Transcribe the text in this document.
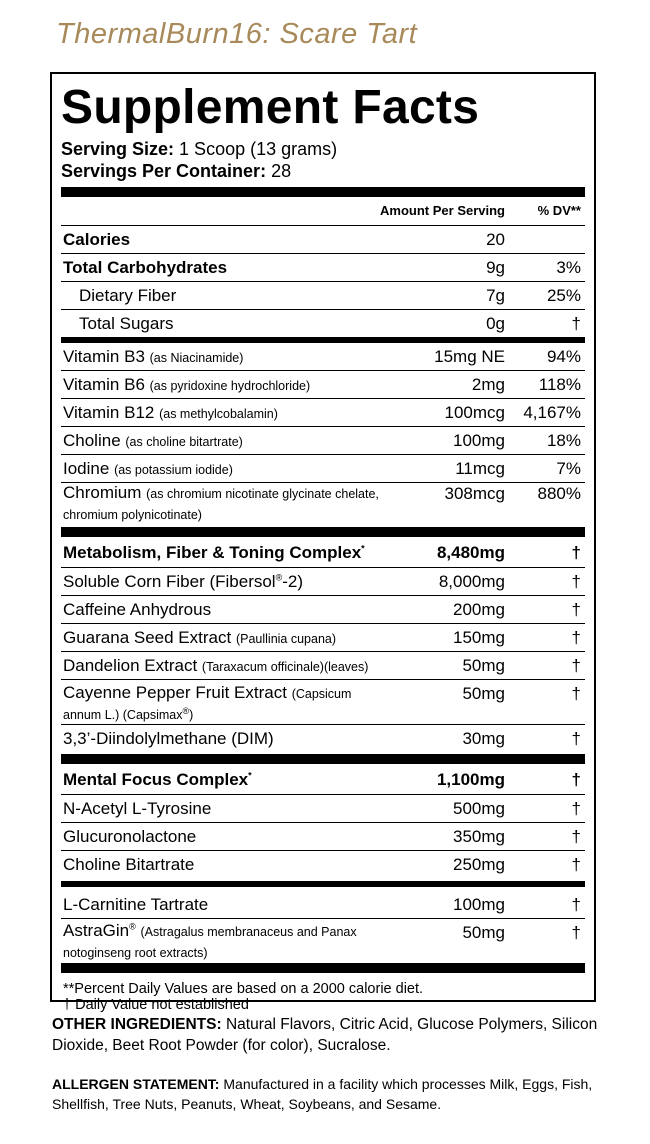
ThermalBurn16: Scare Tart
Supplement Facts
Serving Size: 1 Scoop (13 grams)
Servings Per Container: 28
Amount Per Serving	% DV**
Calories	20
Total Carbohydrates	9g	3%
Dietary Fiber	7g 25%
Total Sugars	0g	†
Vitamin B3 (as Niacinamide)	15mg NE 94%
Vitamin B6 (as pyridoxine hydrochloride)	2mg 118%
Vitamin B12 (as methylcobalamin)	100mcg 4,167%
Choline (as choline bitartrate)	100mg 18%
Iodine (as potassium iodide)	11mcg	7%
Chromium (as chromium nicotinate glycinate chelate,
chromium polynicotinate)
308mcg 880%
Metabolism, Fiber & Toning Complex*	8,480mg	†
Soluble Corn Fiber (Fibersol®-2)	8,000mg	†
Caffeine Anhydrous	200mg	†
Guarana Seed Extract (Paullinia cupana)	150mg	†
Dandelion Extract (Taraxacum officinale)(leaves)	50mg	†
Cayenne Pepper Fruit Extract (Capsicum
annum L.) (Capsimax®)
50mg	†
3,3’-Diindolylmethane (DIM)	30mg	†
Mental Focus Complex*	1,100mg	†
N-Acetyl L-Tyrosine	500mg	†
Glucuronolactone	350mg	†
Choline Bitartrate	250mg	†
L-Carnitine Tartrate	100mg	†
AstraGin® (Astragalus membranaceus and Panax
notoginseng root extracts)
50mg	†
**Percent Daily Values are based on a 2000 calorie diet.
† Daily Value not established
OTHER INGREDIENTS: Natural Flavors, Citric Acid, Glucose Polymers, Silicon Dioxide, Beet Root Powder (for color), Sucralose.
ALLERGEN STATEMENT: Manufactured in a facility which processes Milk, Eggs, Fish, Shellfish, Tree Nuts, Peanuts, Wheat, Soybeans, and Sesame.
